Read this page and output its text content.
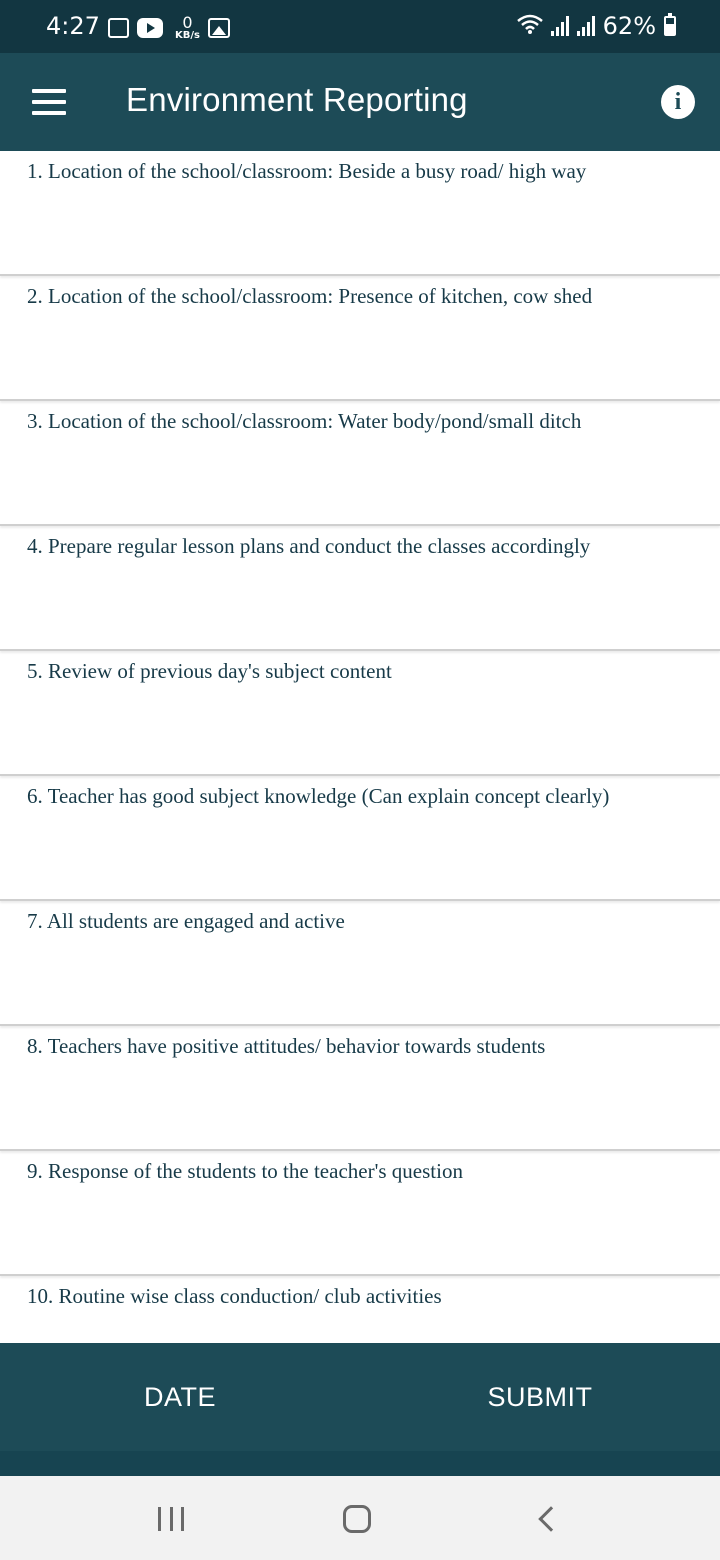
4:27	0
KB/s	62%
Environment Reporting	i
1. Location of the school/classroom: Beside a busy road/ high way
2. Location of the school/classroom: Presence of kitchen, cow shed
3. Location of the school/classroom: Water body/pond/small ditch
4. Prepare regular lesson plans and conduct the classes accordingly
5. Review of previous day's subject content
6. Teacher has good subject knowledge (Can explain concept clearly)
7. All students are engaged and active
8. Teachers have positive attitudes/ behavior towards students
9. Response of the students to the teacher's question
10. Routine wise class conduction/ club activities
DATE	SUBMIT
